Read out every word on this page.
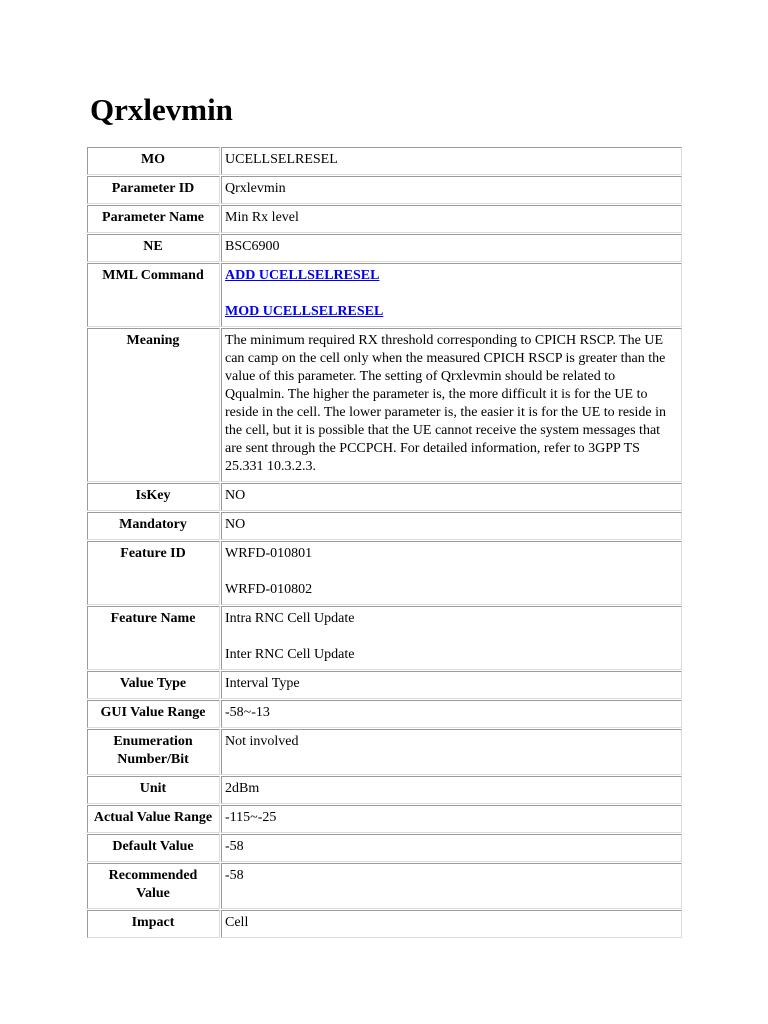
Qrxlevmin
MO	UCELLSELRESEL

Parameter ID	Qrxlevmin

Parameter Name	Min Rx level

NE	BSC6900

MML Command	ADD UCELLSELRESEL
MOD UCELLSELRESEL

Meaning	The minimum required RX threshold corresponding to CPICH RSCP. The UE can camp on the cell only when the measured CPICH RSCP is greater than the value of this parameter. The setting of Qrxlevmin should be related to Qqualmin. The higher the parameter is, the more difficult it is for the UE to reside in the cell. The lower parameter is, the easier it is for the UE to reside in the cell, but it is possible that the UE cannot receive the system messages that are sent through the PCCPCH. For detailed information, refer to 3GPP TS 25.331 10.3.2.3.

IsKey	NO

Mandatory	NO

Feature ID	WRFD-010801
WRFD-010802

Feature Name	Intra RNC Cell Update
Inter RNC Cell Update

Value Type	Interval Type

GUI Value Range	-58~-13

Enumeration Number/Bit	Not involved

Unit	2dBm

Actual Value Range	-115~-25

Default Value	-58

Recommended Value	-58

Impact	Cell
